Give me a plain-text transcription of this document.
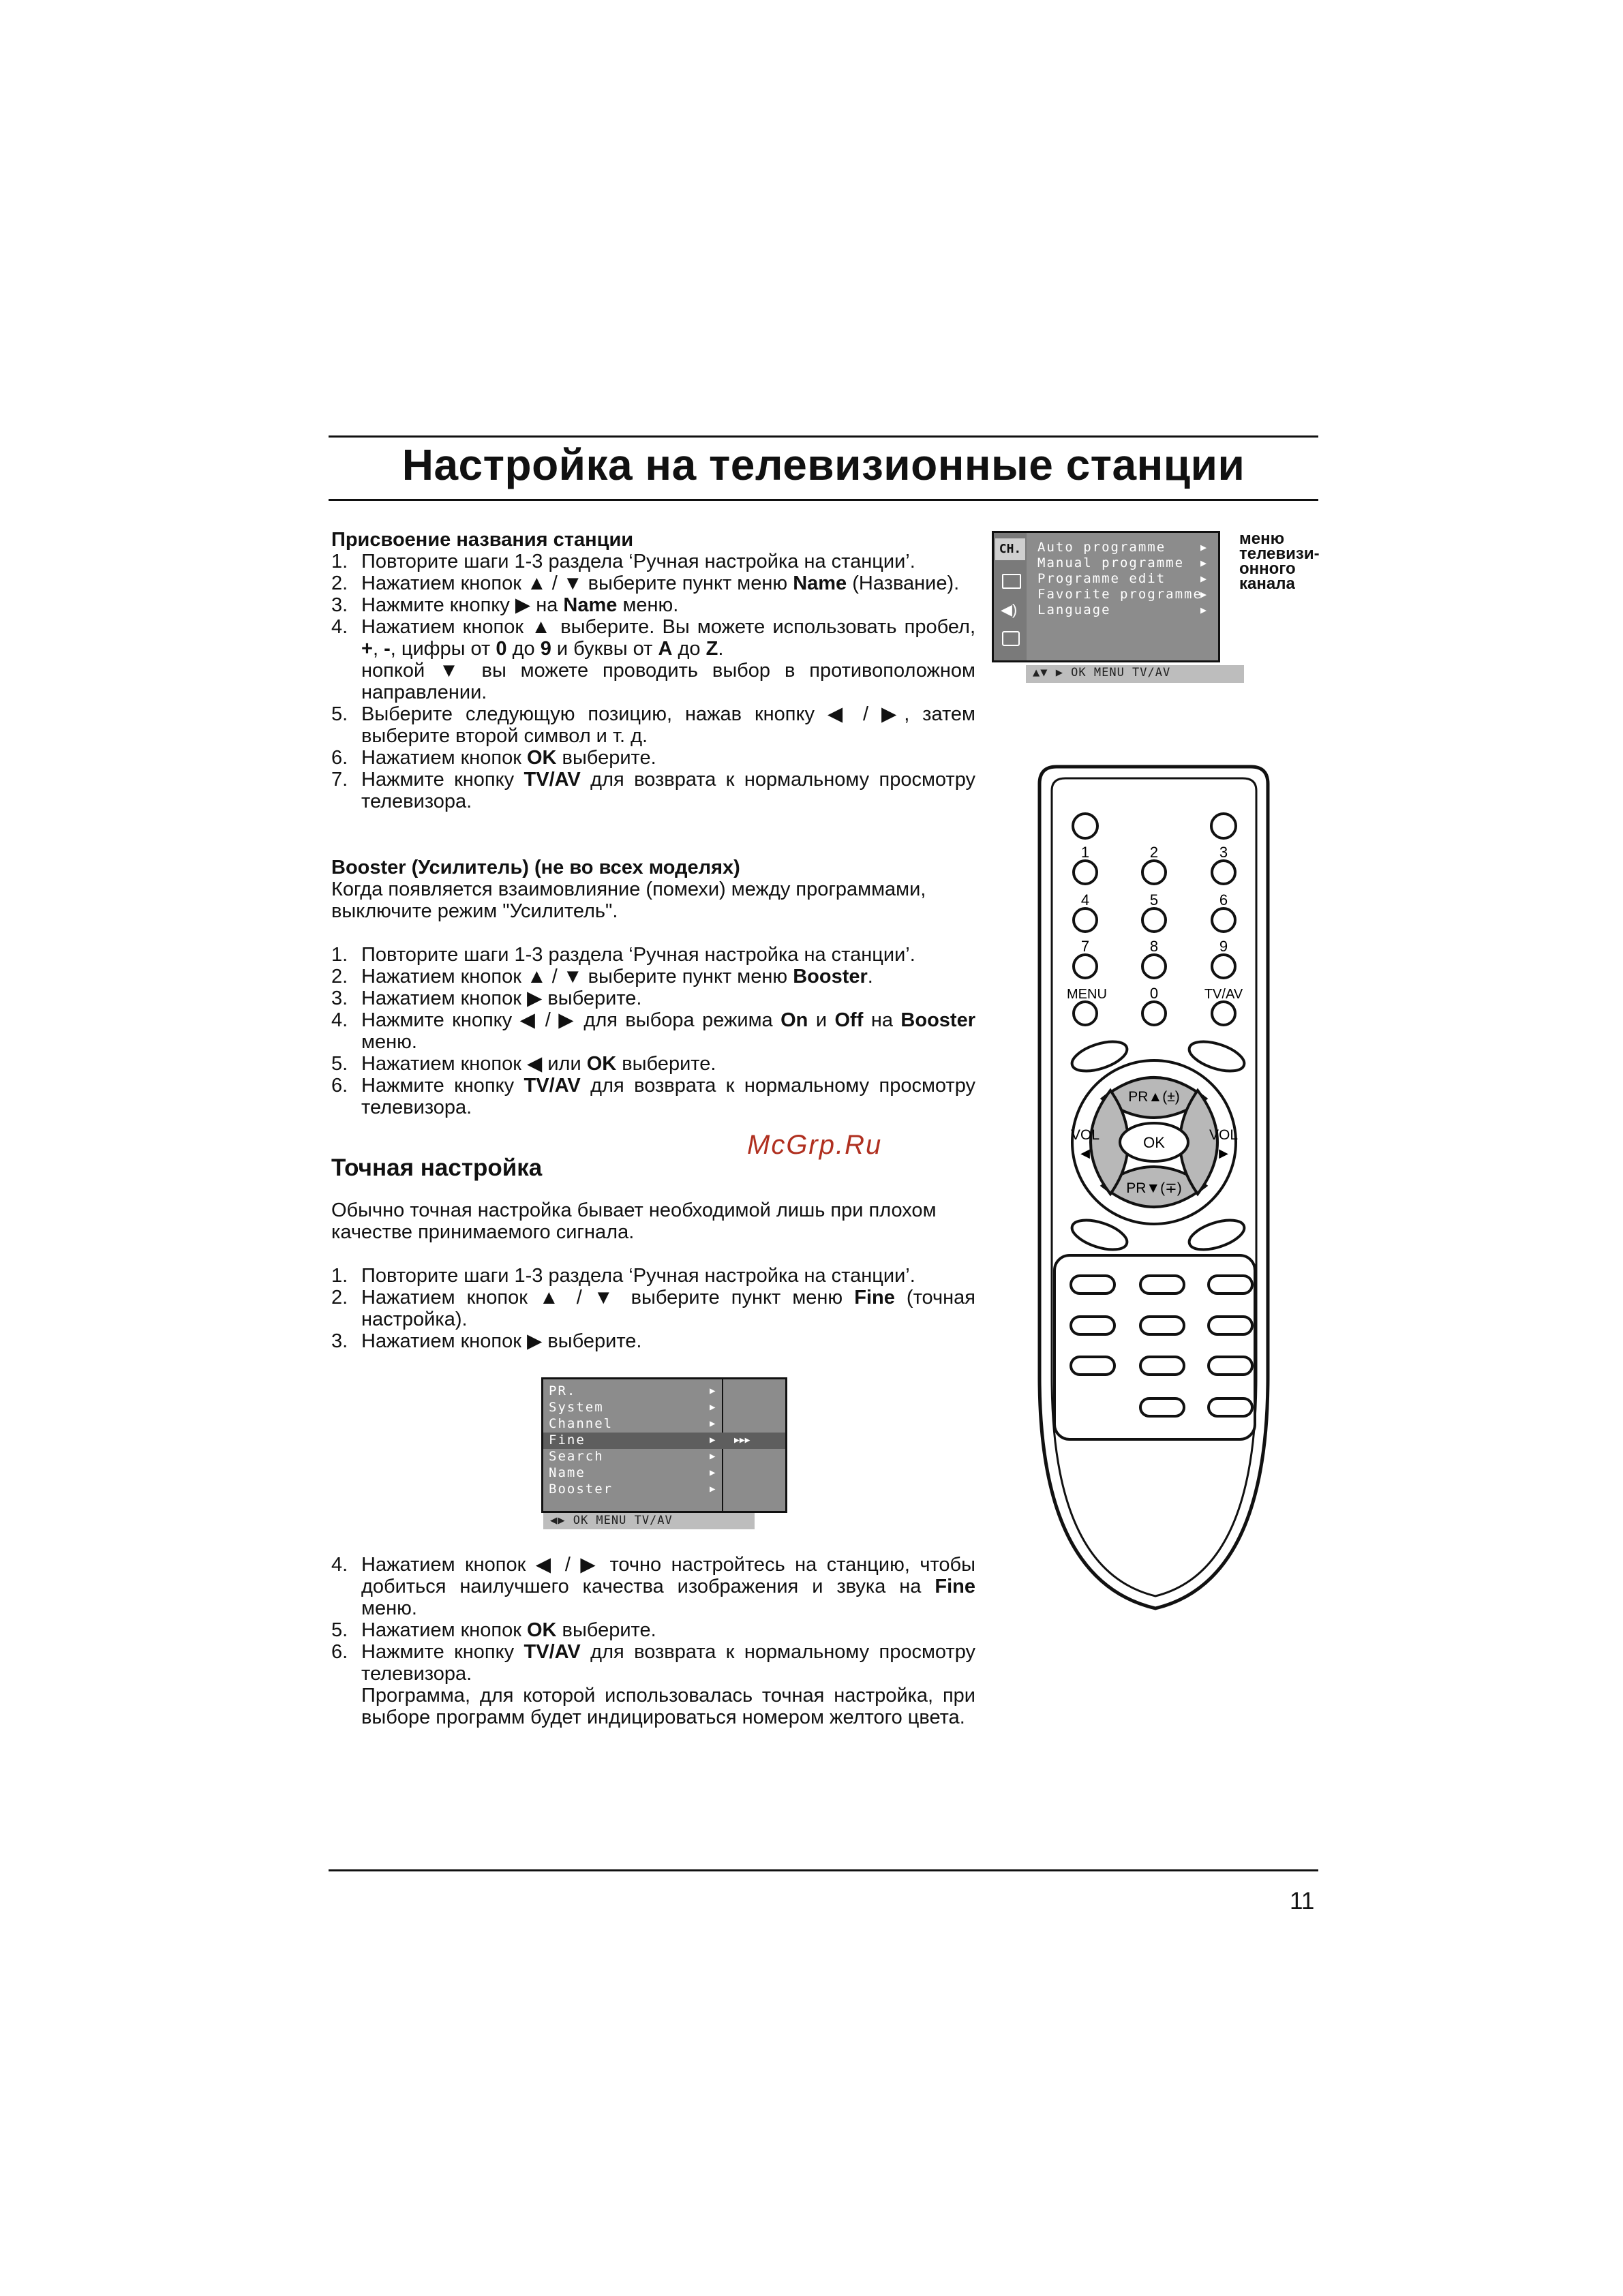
Настройка на телевизионные станции
Присвоение названия станции
1. Повторите шаги 1-3 раздела ‘Ручная настройка на станции’.
2. Нажатием кнопок ▲ / ▼ выберите пункт меню Name (Название).
3. Нажмите кнопку ▶ на Name меню.
4. Нажатием кнопок ▲ выберите. Вы можете использовать пробел, +, -, цифры от 0 до 9 и буквы от A до Z.
нопкой ▼ вы можете проводить выбор в противоположном направлении.
5. Выберите следующую позицию, нажав кнопку ◀ / ▶, затем выберите второй символ и т. д.
6. Нажатием кнопок OK выберите.
7. Нажмите кнопку TV/AV для возврата к нормальному просмотру телевизора.
Booster (Усилитель) (не во всех моделях)
Когда появляется взаимовлияние (помехи) между программами, выключите режим "Усилитель".
1. Повторите шаги 1-3 раздела ‘Ручная настройка на станции’.
2. Нажатием кнопок ▲ / ▼ выберите пункт меню Booster.
3. Нажатием кнопок ▶ выберите.
4. Нажмите кнопку ◀ / ▶ для выбора режима On и Off на Booster меню.
5. Нажатием кнопок ◀ или OK выберите.
6. Нажмите кнопку TV/AV для возврата к нормальному просмотру телевизора.
Точная настройка
Обычно точная настройка бывает необходимой лишь при плохом качестве принимаемого сигнала.
1. Повторите шаги 1-3 раздела ‘Ручная настройка на станции’.
2. Нажатием кнопок ▲ / ▼ выберите пункт меню Fine (точная настройка).
3. Нажатием кнопок ▶ выберите.
4. Нажатием кнопок ◀ / ▶ точно настройтесь на станцию, чтобы добиться наилучшего качества изображения и звука на Fine меню.
5. Нажатием кнопок OK выберите.
6. Нажмите кнопку TV/AV для возврата к нормальному просмотру телевизора.
Программа, для которой использовалась точная настройка, при выборе программ будет индицироваться номером желтого цвета.
McGrp.Ru
CH.
◀)
Auto programme	▶
Manual programme ▶
Programme edit	▶
Favorite programme
▶
Language	▶
▲▼ ▶ OK MENU TV/AV
меню
телевизи-
онного
канала
PR.	▶
System	▶
Channel	▶
Fine	▶ ▶▶▶
Search	▶
Name	▶
Booster	▶
◀▶ OK MENU TV/AV
1	2	3
4	5	6
7	8	9
MENU	0	TV/AV
OK
PR▲(±)
PR▼(∓)
VOL
◀
VOL
▶
11
